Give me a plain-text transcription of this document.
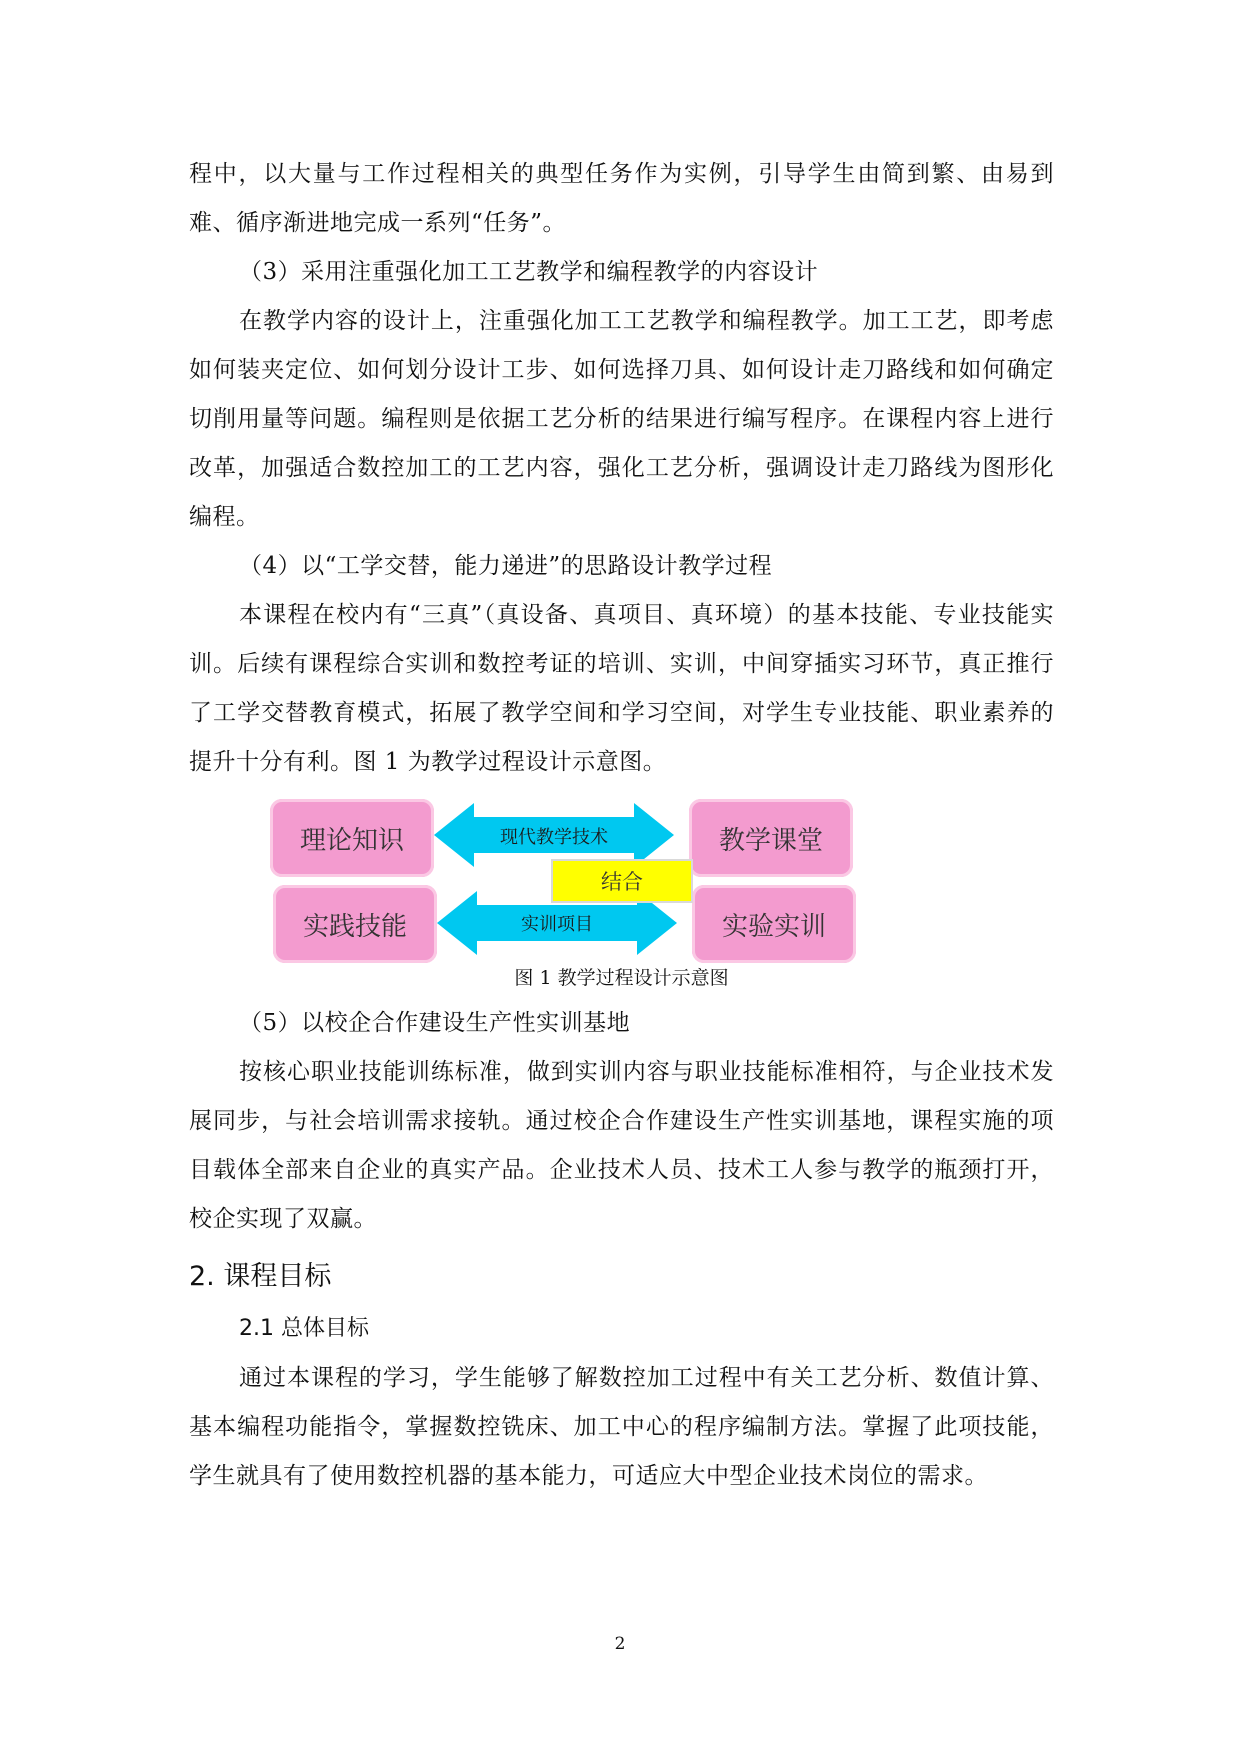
程中，以大量与工作过程相关的典型任务作为实例，引导学生由简到繁、由易到难、循序渐进地完成一系列“任务”。

（3）采用注重强化加工工艺教学和编程教学的内容设计

在教学内容的设计上，注重强化加工工艺教学和编程教学。加工工艺，即考虑如何装夹定位、如何划分设计工步、如何选择刀具、如何设计走刀路线和如何确定切削用量等问题。编程则是依据工艺分析的结果进行编写程序。在课程内容上进行改革，加强适合数控加工的工艺内容，强化工艺分析，强调设计走刀路线为图形化编程。

（4）以“工学交替，能力递进”的思路设计教学过程

本课程在校内有“三真”（真设备、真项目、真环境）的基本技能、专业技能实训。后续有课程综合实训和数控考证的培训、实训，中间穿插实习环节，真正推行了工学交替教育模式，拓展了教学空间和学习空间，对学生专业技能、职业素养的提升十分有利。图 1 为教学过程设计示意图。

理论知识
实践技能
教学课堂
实验实训
现代教学技术
实训项目
结合
图 1 教学过程设计示意图

（5）以校企合作建设生产性实训基地

按核心职业技能训练标准，做到实训内容与职业技能标准相符，与企业技术发展同步，与社会培训需求接轨。通过校企合作建设生产性实训基地，课程实施的项目载体全部来自企业的真实产品。企业技术人员、技术工人参与教学的瓶颈打开，校企实现了双赢。

2. 课程目标
2.1 总体目标

通过本课程的学习，学生能够了解数控加工过程中有关工艺分析、数值计算、基本编程功能指令，掌握数控铣床、加工中心的程序编制方法。掌握了此项技能，学生就具有了使用数控机器的基本能力，可适应大中型企业技术岗位的需求。

2
